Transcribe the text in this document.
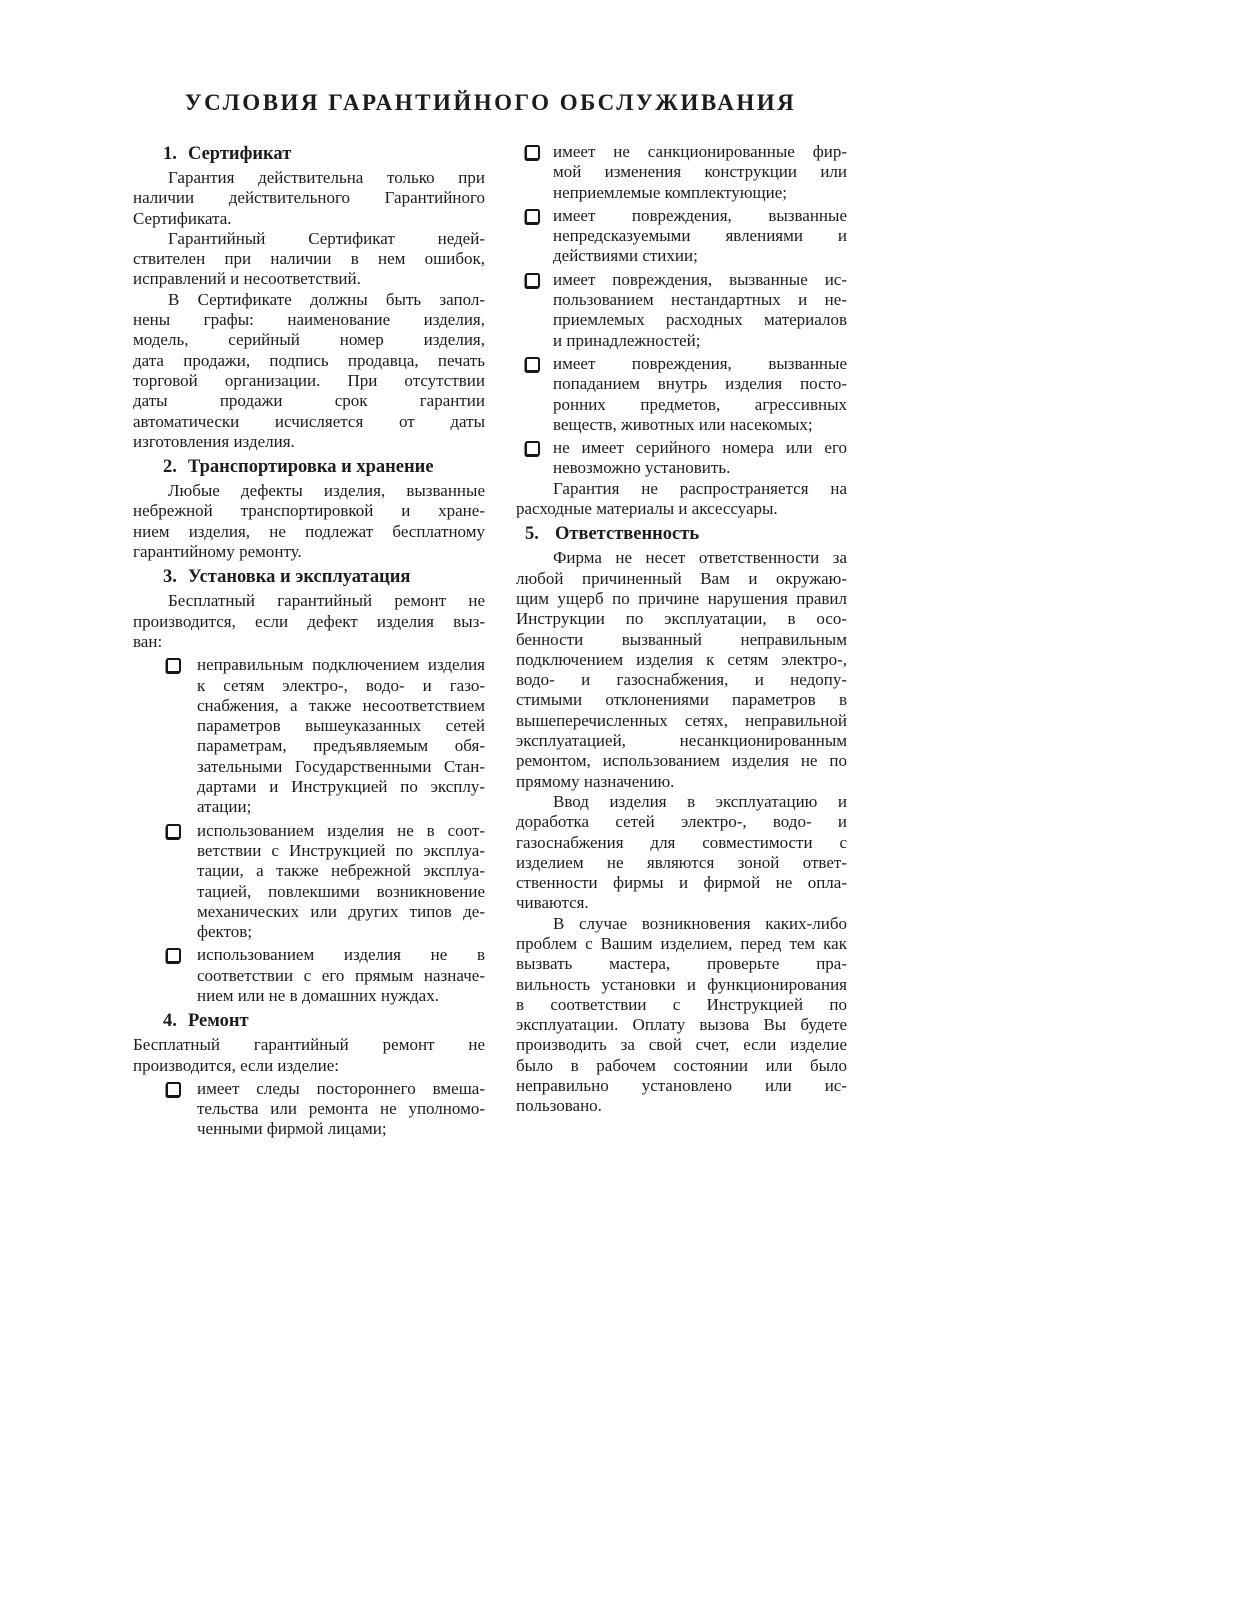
УСЛОВИЯ ГАРАНТИЙНОГО ОБСЛУЖИВАНИЯ
1. Сертификат
Гарантия действительна только при
наличии действительного Гарантийного
Сертификата.
Гарантийный Сертификат недей-
ствителен при наличии в нем ошибок,
исправлений и несоответствий.
В Сертификате должны быть запол-
нены графы: наименование изделия,
модель, серийный номер изделия,
дата продажи, подпись продавца, печать
торговой организации. При отсутствии
даты продажи срок гарантии
автоматически исчисляется от даты
изготовления изделия.
2. Транспортировка и хранение
Любые дефекты изделия, вызванные
небрежной транспортировкой и хране-
нием изделия, не подлежат бесплатному
гарантийному ремонту.
3. Установка и эксплуатация
Бесплатный гарантийный ремонт не
производится, если дефект изделия выз-
ван:
неправильным подключением изделия
к сетям электро-, водо- и газо-
снабжения, а также несоответствием
параметров вышеуказанных сетей
параметрам, предъявляемым обя-
зательными Государственными Стан-
дартами и Инструкцией по эксплу-
атации;
использованием изделия не в соот-
ветствии с Инструкцией по эксплуа-
тации, а также небрежной эксплуа-
тацией, повлекшими возникновение
механических или других типов де-
фектов;
использованием изделия не в
соответствии с его прямым назначе-
нием или не в домашних нуждах.
4. Ремонт
Бесплатный гарантийный ремонт не
производится, если изделие:
имеет следы постороннего вмеша-
тельства или ремонта не уполномо-
ченными фирмой лицами;
имеет не санкционированные фир-
мой изменения конструкции или
неприемлемые комплектующие;
имеет повреждения, вызванные
непредсказуемыми явлениями и
действиями стихии;
имеет повреждения, вызванные ис-
пользованием нестандартных и не-
приемлемых расходных материалов
и принадлежностей;
имеет повреждения, вызванные
попаданием внутрь изделия посто-
ронних предметов, агрессивных
веществ, животных или насекомых;
не имеет серийного номера или его
невозможно установить.
Гарантия не распространяется на
расходные материалы и аксессуары.
5. Ответственность
Фирма не несет ответственности за
любой причиненный Вам и окружаю-
щим ущерб по причине нарушения правил
Инструкции по эксплуатации, в осо-
бенности вызванный неправильным
подключением изделия к сетям электро-,
водо- и газоснабжения, и недопу-
стимыми отклонениями параметров в
вышеперечисленных сетях, неправильной
эксплуатацией, несанкционированным
ремонтом, использованием изделия не по
прямому назначению.
Ввод изделия в эксплуатацию и
доработка сетей электро-, водо- и
газоснабжения для совместимости с
изделием не являются зоной ответ-
ственности фирмы и фирмой не опла-
чиваются.
В случае возникновения каких-либо
проблем с Вашим изделием, перед тем как
вызвать мастера, проверьте пра-
вильность установки и функционирования
в соответствии с Инструкцией по
эксплуатации. Оплату вызова Вы будете
производить за свой счет, если изделие
было в рабочем состоянии или было
неправильно установлено или ис-
пользовано.
